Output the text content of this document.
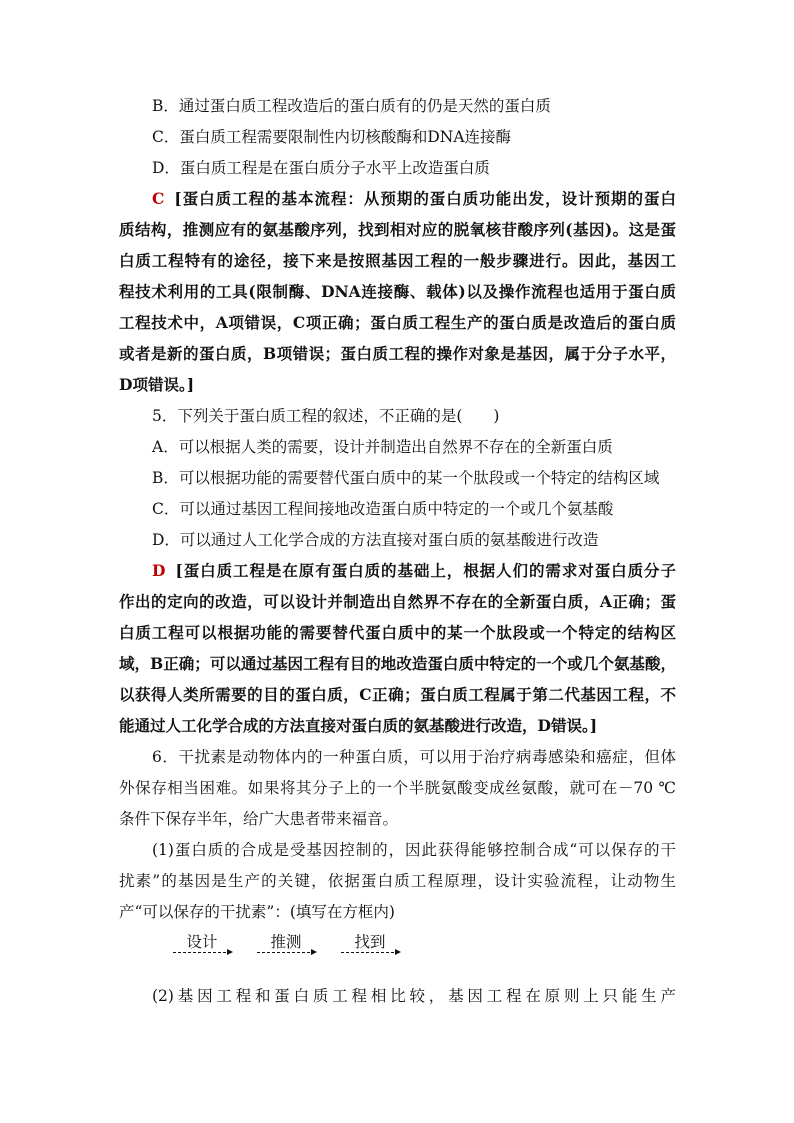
B．通过蛋白质工程改造后的蛋白质有的仍是天然的蛋白质
C．蛋白质工程需要限制性内切核酸酶和DNA连接酶
D．蛋白质工程是在蛋白质分子水平上改造蛋白质
C [蛋白质工程的基本流程：从预期的蛋白质功能出发，设计预期的蛋白
质结构，推测应有的氨基酸序列，找到相对应的脱氧核苷酸序列(基因)。这是蛋
白质工程特有的途径，接下来是按照基因工程的一般步骤进行。因此，基因工
程技术利用的工具(限制酶、DNA连接酶、载体)以及操作流程也适用于蛋白质
工程技术中，A项错误，C项正确；蛋白质工程生产的蛋白质是改造后的蛋白质
或者是新的蛋白质，B项错误；蛋白质工程的操作对象是基因，属于分子水平，
D项错误。]
5．下列关于蛋白质工程的叙述，不正确的是(　　)
A．可以根据人类的需要，设计并制造出自然界不存在的全新蛋白质
B．可以根据功能的需要替代蛋白质中的某一个肽段或一个特定的结构区域
C．可以通过基因工程间接地改造蛋白质中特定的一个或几个氨基酸
D．可以通过人工化学合成的方法直接对蛋白质的氨基酸进行改造
D [蛋白质工程是在原有蛋白质的基础上，根据人们的需求对蛋白质分子
作出的定向的改造，可以设计并制造出自然界不存在的全新蛋白质，A正确；蛋
白质工程可以根据功能的需要替代蛋白质中的某一个肽段或一个特定的结构区
域，B正确；可以通过基因工程有目的地改造蛋白质中特定的一个或几个氨基酸，
以获得人类所需要的目的蛋白质，C正确；蛋白质工程属于第二代基因工程，不
能通过人工化学合成的方法直接对蛋白质的氨基酸进行改造，D错误。]
6．干扰素是动物体内的一种蛋白质，可以用于治疗病毒感染和癌症，但体
外保存相当困难。如果将其分子上的一个半胱氨酸变成丝氨酸，就可在－70 ℃
条件下保存半年，给广大患者带来福音。
(1)蛋白质的合成是受基因控制的，因此获得能够控制合成“可以保存的干
扰素”的基因是生产的关键，依据蛋白质工程原理，设计实验流程，让动物生
产“可以保存的干扰素”：(填写在方框内)
设计	推测	找到
(2)基因工程和蛋白质工程相比较，基因工程在原则上只能生产
